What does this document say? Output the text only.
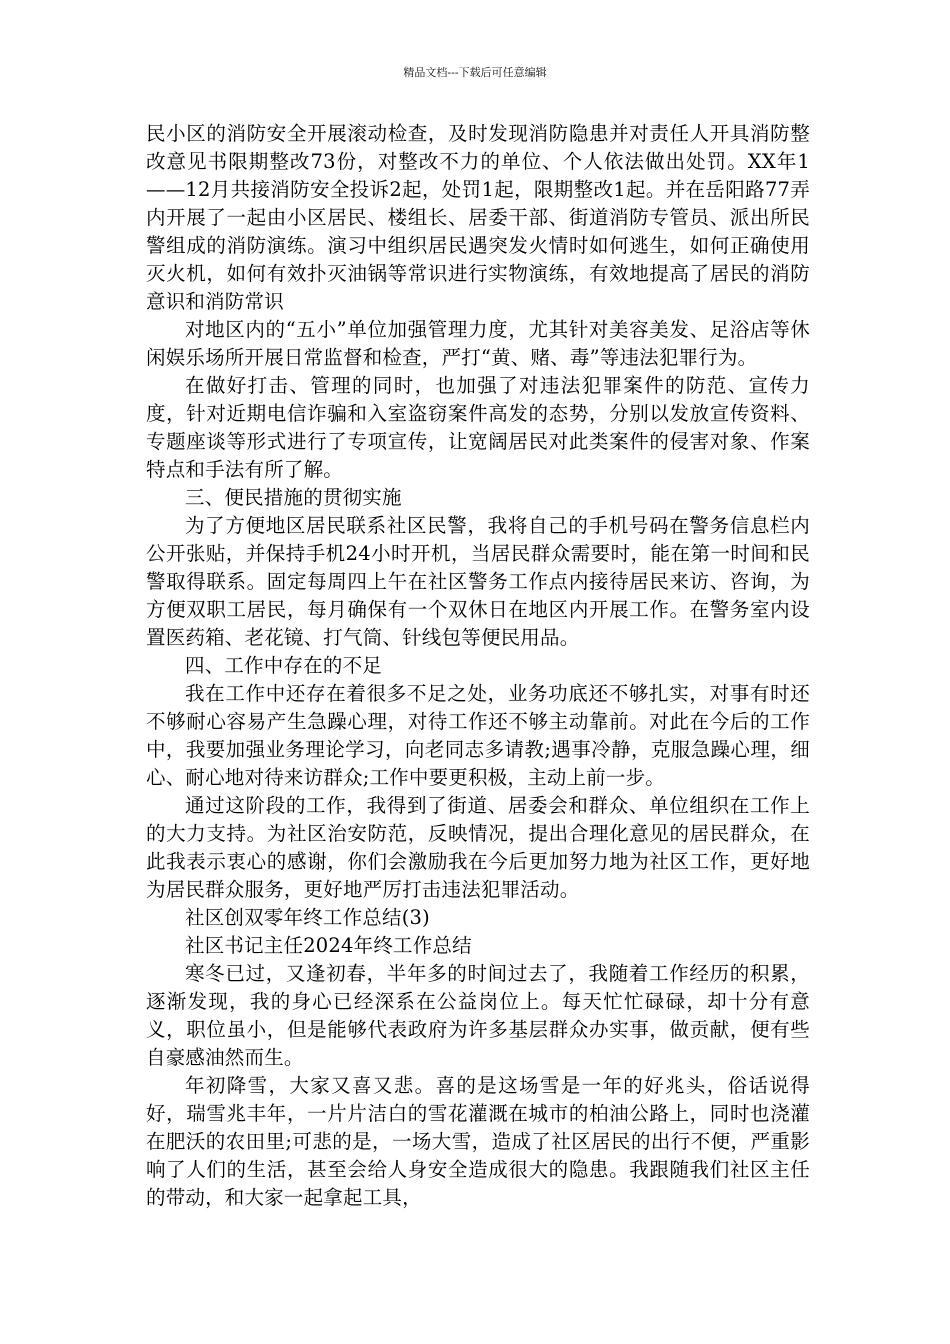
精品文档---下载后可任意编辑

民小区的消防安全开展滚动检查，及时发现消防隐患并对责任人开具消防整改意见书限期整改73份，对整改不力的单位、个人依法做出处罚。XX年1——12月共接消防安全投诉2起，处罚1起，限期整改1起。并在岳阳路77弄内开展了一起由小区居民、楼组长、居委干部、街道消防专管员、派出所民警组成的消防演练。演习中组织居民遇突发火情时如何逃生，如何正确使用灭火机，如何有效扑灭油锅等常识进行实物演练，有效地提高了居民的消防意识和消防常识

对地区内的“五小”单位加强管理力度，尤其针对美容美发、足浴店等休闲娱乐场所开展日常监督和检查，严打“黄、赌、毒”等违法犯罪行为。

在做好打击、管理的同时，也加强了对违法犯罪案件的防范、宣传力度，针对近期电信诈骗和入室盗窃案件高发的态势，分别以发放宣传资料、专题座谈等形式进行了专项宣传，让宽阔居民对此类案件的侵害对象、作案特点和手法有所了解。

三、便民措施的贯彻实施

为了方便地区居民联系社区民警，我将自己的手机号码在警务信息栏内公开张贴，并保持手机24小时开机，当居民群众需要时，能在第一时间和民警取得联系。固定每周四上午在社区警务工作点内接待居民来访、咨询，为方便双职工居民，每月确保有一个双休日在地区内开展工作。在警务室内设置医药箱、老花镜、打气筒、针线包等便民用品。

四、工作中存在的不足

我在工作中还存在着很多不足之处，业务功底还不够扎实，对事有时还不够耐心容易产生急躁心理，对待工作还不够主动靠前。对此在今后的工作中，我要加强业务理论学习，向老同志多请教;遇事冷静，克服急躁心理，细心、耐心地对待来访群众;工作中要更积极，主动上前一步。

通过这阶段的工作，我得到了街道、居委会和群众、单位组织在工作上的大力支持。为社区治安防范，反映情况，提出合理化意见的居民群众，在此我表示衷心的感谢，你们会激励我在今后更加努力地为社区工作，更好地为居民群众服务，更好地严厉打击违法犯罪活动。

社区创双零年终工作总结(3)

社区书记主任2024年终工作总结

寒冬已过，又逢初春，半年多的时间过去了，我随着工作经历的积累，逐渐发现，我的身心已经深系在公益岗位上。每天忙忙碌碌，却十分有意义，职位虽小，但是能够代表政府为许多基层群众办实事，做贡献，便有些自豪感油然而生。

年初降雪，大家又喜又悲。喜的是这场雪是一年的好兆头，俗话说得好，瑞雪兆丰年，一片片洁白的雪花灌溉在城市的柏油公路上，同时也浇灌在肥沃的农田里;可悲的是，一场大雪，造成了社区居民的出行不便，严重影响了人们的生活，甚至会给人身安全造成很大的隐患。我跟随我们社区主任的带动，和大家一起拿起工具，
